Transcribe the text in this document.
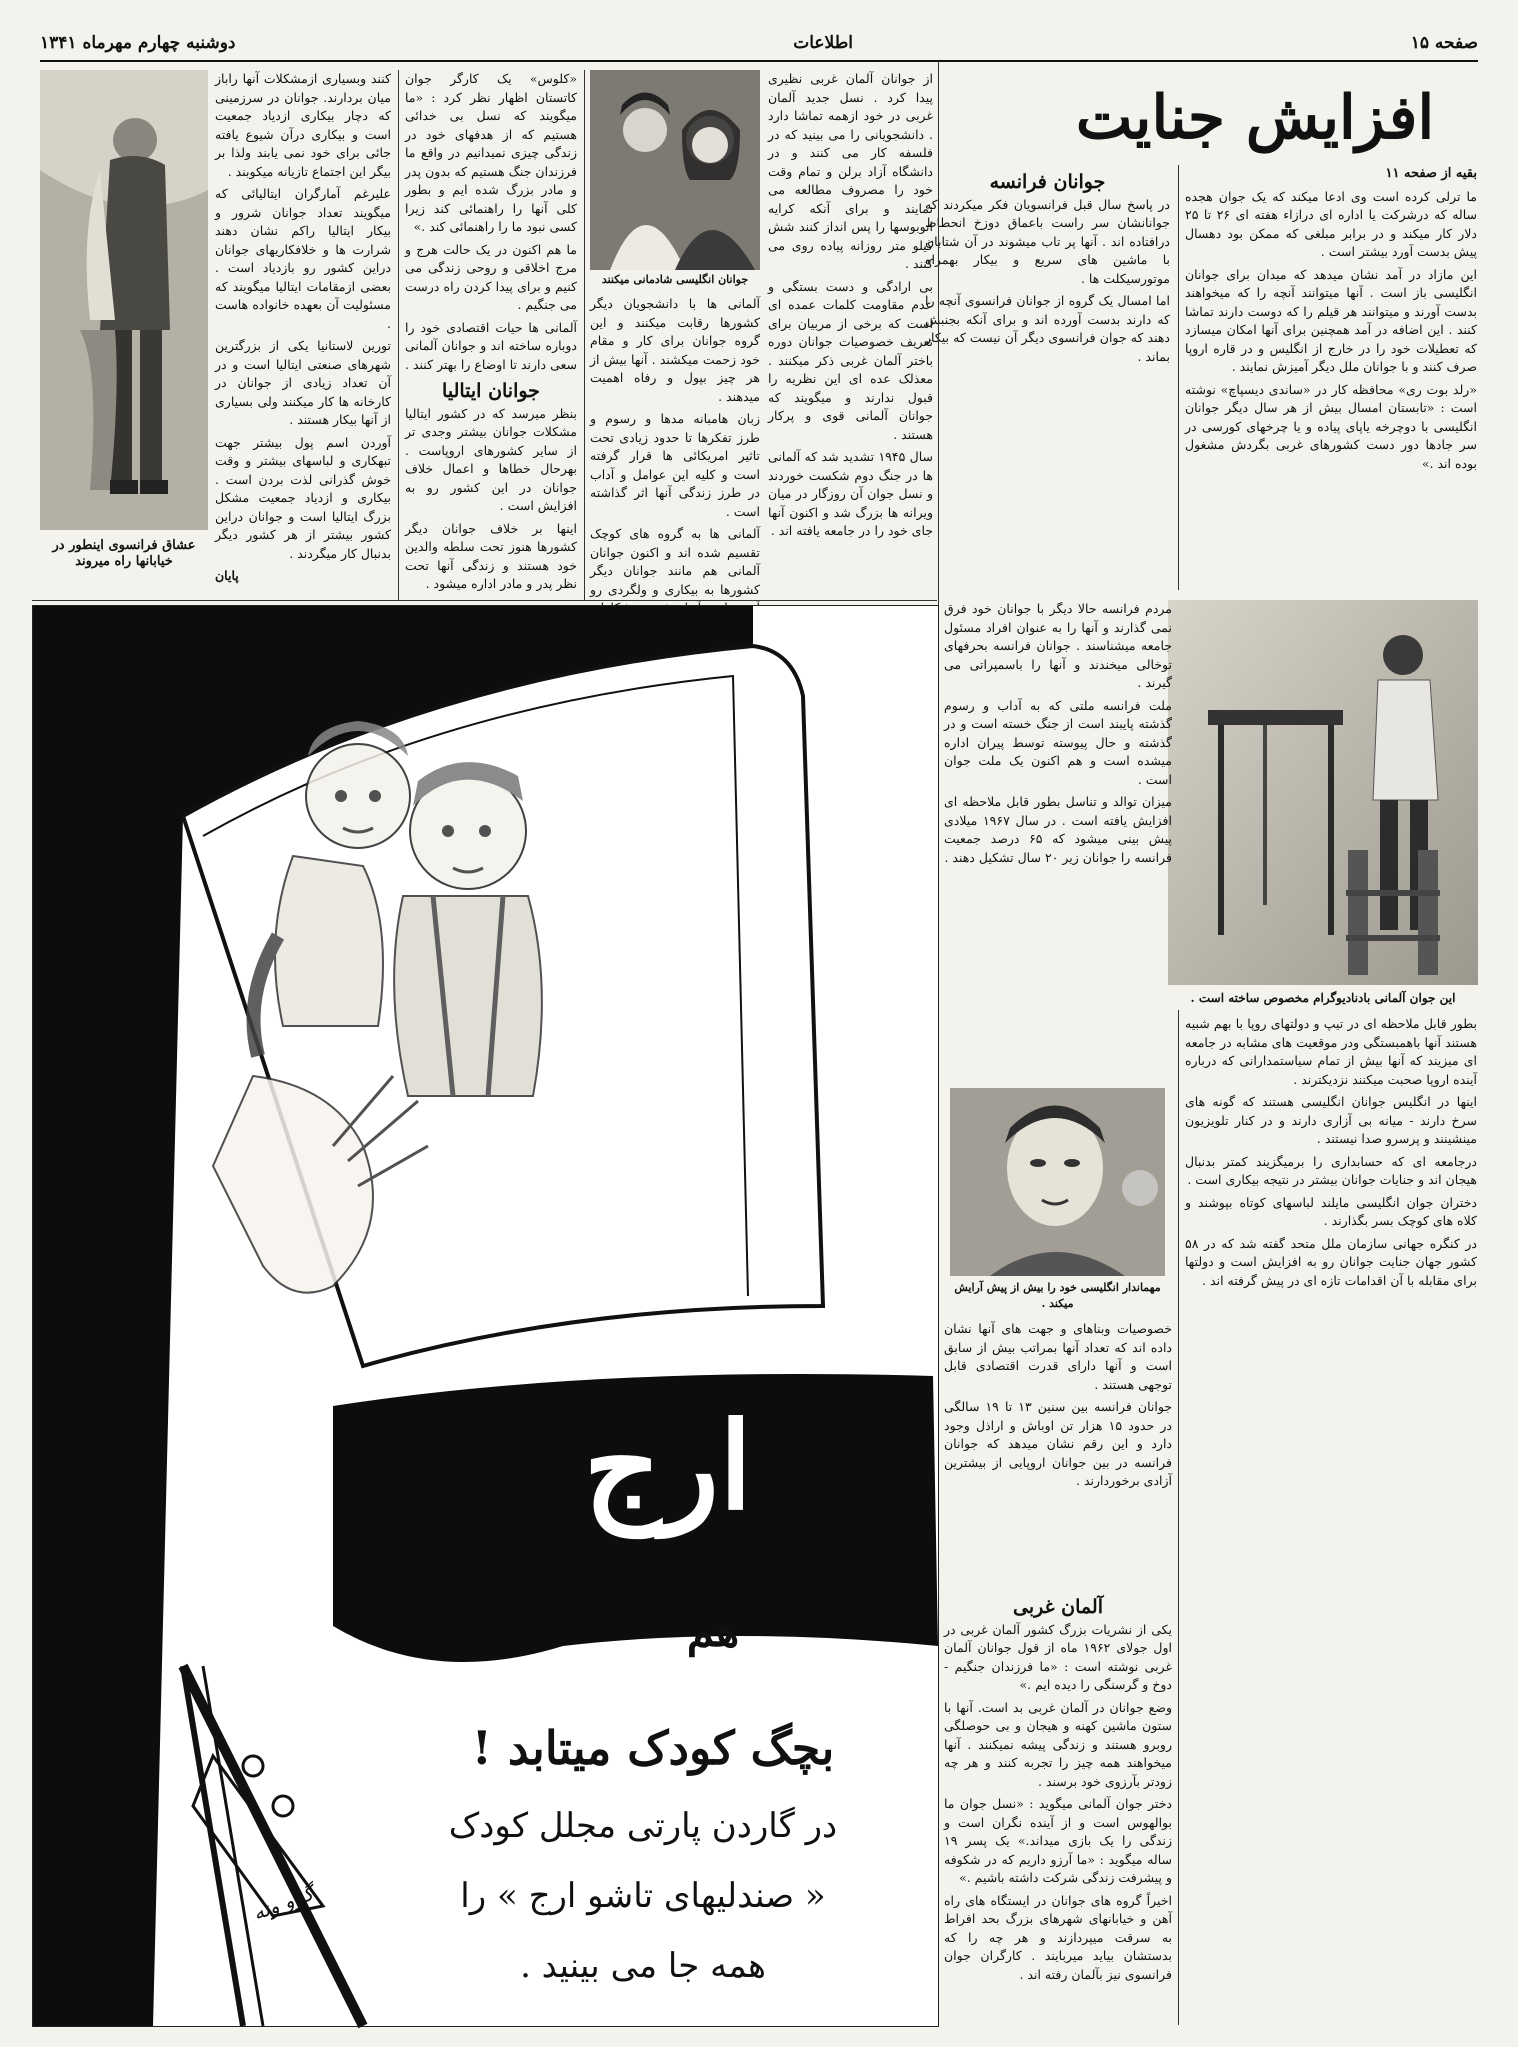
صفحه ۱۵
اطلاعات
دوشنبه چهارم مهرماه ۱۳۴۱
افزایش جنایت

بقیه از صفحه ۱۱

ما ترلی کرده است وی ادعا میکند که یک جوان هجده ساله که درشرکت یا اداره ای درازاء هفته ای ۲۶ تا ۲۵ دلار کار میکند و در برابر مبلغی که ممکن بود دهسال پیش بدست آورد بیشتر است .

این مازاد در آمد نشان میدهد که میدان برای جوانان انگلیسی باز است . آنها میتوانند آنچه را که میخواهند بدست آورند و میتوانند هر قیلم را که دوست دارند تماشا کنند . این اضافه در آمد همچنین برای آنها امکان میسازد که تعطیلات خود را در خارج از انگلیس و در قاره اروپا صرف کنند و با جوانان ملل دیگر آمیزش نمایند .

«رلد بوت ری» محافظه کار در «ساندی دیسپاچ» نوشته است : «تابستان امسال بیش از هر سال دیگر جوانان انگلیسی با دوچرخه یاپای پیاده و یا چرخهای کورسی در سر جادها دور دست کشورهای غربی بگردش مشغول بوده اند .»

جوانان فرانسه

در پاسخ سال قبل فرانسویان فکر میکردند که جوانانشان سر راست باعماق دوزخ انحطاط درافتاده اند . آنها پر تاب میشوند در آن شتابان با ماشین های سریع و بیکار بهمراه موتورسیکلت ها .

اما امسال یک گروه از جوانان فرانسوی آنچه را که دارند بدست آورده اند و برای آنکه بجنبش دهند که جوان فرانسوی دیگر آن نیست که بیکار بماند .

این جوان آلمانی بادنادیوگرام مخصوص ساخته است .

بطور قابل ملاحظه ای در تیپ و دولتهای روپا با بهم شبیه هستند آنها باهمبستگی ودر موقعیت های مشابه در جامعه ای میزیند که آنها بیش از تمام سیاستمدارانی که درباره آینده اروپا صحبت میکنند نزدیکترند .

اینها در انگلیس جوانان انگلیسی هستند که گونه های سرخ دارند - میانه بی آزاری دارند و در کنار تلویزیون مینشینند و پرسرو صدا نیستند .

درجامعه ای که حسابداری را برمیگزیند کمتر بدنبال هیجان اند و جنایات جوانان بیشتر در نتیجه بیکاری است .

دختران جوان انگلیسی مایلند لباسهای کوتاه بپوشند و کلاه های کوچک بسر بگذارند .

در کنگره جهانی سازمان ملل متحد گفته شد که در ۵۸ کشور جهان جنایت جوانان رو به افزایش است و دولتها برای مقابله با آن اقدامات تازه ای در پیش گرفته اند .

مردم فرانسه حالا دیگر با جوانان خود فرق نمی گذارند و آنها را به عنوان افراد مسئول جامعه میشناسند . جوانان فرانسه بحرفهای توخالی میخندند و آنها را باسمپراتی می گیرند .

ملت فرانسه ملتی که به آداب و رسوم گذشته پایبند است از جنگ خسته است و در گذشته و حال پیوسته توسط پیران اداره میشده است و هم اکنون یک ملت جوان است .

میزان توالد و تناسل بطور قابل ملاحظه ای افزایش یافته است . در سال ۱۹۶۷ میلادی پیش بینی میشود که ۶۵ درصد جمعیت فرانسه را جوانان زیر ۲۰ سال تشکیل دهند .

مهماندار انگلیسی خود را بیش از پیش آرایش میکند .

خصوصیات وبناهای و جهت های آنها نشان داده اند که تعداد آنها بمراتب بیش از سابق است و آنها دارای قدرت اقتصادی قابل توجهی هستند .

جوانان فرانسه بین سنین ۱۳ تا ۱۹ سالگی در حدود ۱۵ هزار تن اوباش و اراذل وجود دارد و این رقم نشان میدهد که جوانان فرانسه در بین جوانان اروپایی از بیشترین آزادی برخوردارند .

آلمان غربی

یکی از نشریات بزرگ کشور آلمان غربی در اول جولای ۱۹۶۲ ماه از قول جوانان آلمان غربی نوشته است : «ما فرزندان جنگیم - دوخ و گرسنگی را دیده ایم .»

وضع جوانان در آلمان غربی بد است. آنها با ستون ماشین کهنه و هیجان و بی حوصلگی روبرو هستند و زندگی پیشه نمیکنند . آنها میخواهند همه چیز را تجربه کنند و هر چه زودتر بآرزوی خود برسند .

دختر جوان آلمانی میگوید : «نسل جوان ما بوالهوس است و از آینده نگران است و زندگی را یک بازی میداند.» یک پسر ۱۹ ساله میگوید : «ما آرزو داریم که در شکوفه و پیشرفت زندگی شرکت داشته باشیم .»

اخیراً گروه های جوانان در ایستگاه های راه آهن و خیابانهای شهرهای بزرگ بحد افراط به سرقت میپردازند و هر چه را که بدستشان بیاید میربایند . کارگران جوان فرانسوی نیز بآلمان رفته اند .

از جوانان آلمان غربی نظیری پیدا کرد . نسل جدید آلمان غربی در خود ازهمه تماشا دارد . دانشجویانی را می بینید که در فلسفه کار می کنند و در دانشگاه آزاد برلن و تمام وقت خود را مصروف مطالعه می نمایند و برای آنکه کرایه اتوبوسها را پس انداز کنند شش کیلو متر روزانه پیاده روی می کنند .

بی ارادگی و دست بستگی و عدم مقاومت کلمات عمده ای است که برخی از مربیان برای تعریف خصوصیات جوانان دوره باختر آلمان غربی ذکر میکنند . معذلک عده ای این نظریه را قبول ندارند و میگویند که جوانان آلمانی قوی و پرکار هستند .

سال ۱۹۴۵ تشدید شد که آلمانی ها در جنگ دوم شکست خوردند و نسل جوان آن روزگار در میان ویرانه ها بزرگ شد و اکنون آنها جای خود را در جامعه یافته اند .

جوانان انگلیسی شادمانی میکنند

آلمانی ها با دانشجویان دیگر کشورها رقابت میکنند و این گروه جوانان برای کار و مقام خود زحمت میکشند . آنها بیش از هر چیز بپول و رفاه اهمیت میدهند .

زبان هامبانه مدها و رسوم و طرز تفکرها تا حدود زیادی تحت تاثیر امریکائی ها قرار گرفته است و کلیه این عوامل و آداب در طرز زندگی آنها اثر گذاشته است .

آلمانی ها به گروه های کوچک تقسیم شده اند و اکنون جوانان آلمانی هم مانند جوانان دیگر کشورها به بیکاری و ولگردی رو

«کلوس» یک کارگر جوان کاتستان اظهار نظر کرد : «ما میگویند که نسل بی خدائی هستیم که از هدفهای خود در زندگی چیزی نمیدانیم در واقع ما فرزندان جنگ هستیم که بدون پدر و مادر بزرگ شده ایم و بطور کلی آنها را راهنمائی کند زیرا کسی نبود ما را راهنمائی کند .»

ما هم اکنون در یک حالت هرج و مرج اخلاقی و روحی زندگی می کنیم و برای پیدا کردن راه درست می جنگیم .

آلمانی ها حیات اقتصادی خود را دوباره ساخته اند و جوانان آلمانی سعی دارند تا اوضاع را بهتر کنند .

جوانان ایتالیا

بنظر میرسد که در کشور ایتالیا مشکلات جوانان بیشتر وجدی تر از سایر کشورهای اروپاست . بهرحال خطاها و اعمال خلاف جوانان در این کشور رو به افزایش است .

اینها بر خلاف جوانان دیگر کشورها هنوز تحت سلطه والدین خود هستند و زندگی آنها تحت نظر پدر و مادر اداره میشود .

کنند وبسیاری ازمشکلات آنها راباز میان بردارند. جوانان در سرزمینی که دچار بیکاری ازدیاد جمعیت است و بیکاری درآن شیوع یافته جائی برای خود نمی یابند ولذا بر بیگر این اجتماع تازیانه میکوبند .

علیرغم آمارگران ایتالیائی که میگویند تعداد جوانان شرور و بیکار ایتالیا راکم نشان دهند شرارت ها و خلافکاریهای جوانان دراین کشور رو بازدیاد است . بعضی ازمقامات ایتالیا میگویند که مسئولیت آن بعهده خانواده هاست .

تورین لاستانیا یکی از بزرگترین شهرهای صنعتی ایتالیا است و در آن تعداد زیادی از جوانان در کارخانه ها کار میکنند ولی بسیاری از آنها بیکار هستند .

آوردن اسم پول بیشتر جهت تبهکاری و لباسهای بیشتر و وقت خوش گذرانی لذت بردن است . بیکاری و ازدیاد جمعیت مشکل بزرگ ایتالیا است و جوانان دراین کشور بیشتر از هر کشور دیگر بدنبال کار میگردند .

پایان

عشاق فرانسوی اینطور در خیابانها راه میروند
ارج
هم
بچگ کودک میتابد !
در گاردن پارتی مجلل کودک
« صندلیهای تاشو ارج » را
همه جا می بینید .
گرو ونه
